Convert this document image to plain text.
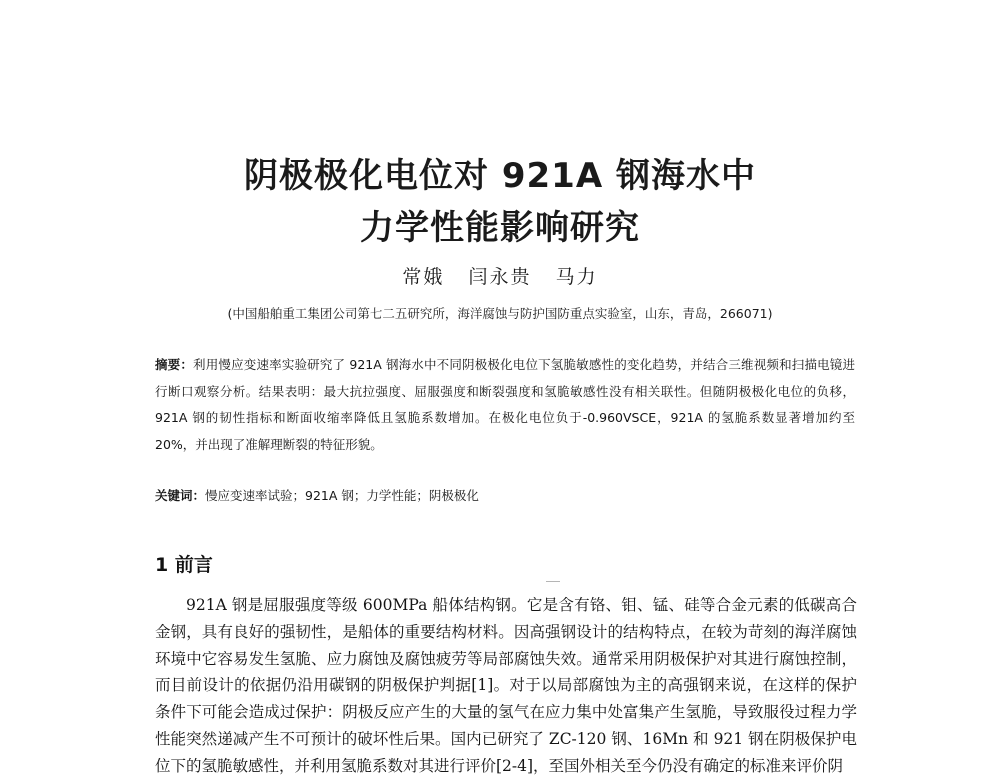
阴极极化电位对 921A 钢海水中
力学性能影响研究
常娥   闫永贵   马力
(中国船舶重工集团公司第七二五研究所，海洋腐蚀与防护国防重点实验室，山东，青岛，266071)
摘要：利用慢应变速率实验研究了 921A 钢海水中不同阴极极化电位下氢脆敏感性的变化趋势，并结合三维视频和扫描电镜进行断口观察分析。结果表明：最大抗拉强度、屈服强度和断裂强度和氢脆敏感性没有相关联性。但随阴极极化电位的负移，921A 钢的韧性指标和断面收缩率降低且氢脆系数增加。在极化电位负于-0.960VSCE，921A 的氢脆系数显著增加约至 20%，并出现了准解理断裂的特征形貌。
关键词：慢应变速率试验；921A 钢；力学性能；阴极极化
1 前言
921A 钢是屈服强度等级 600MPa 船体结构钢。它是含有铬、钼、锰、硅等合金元素的低碳高合金钢，具有良好的强韧性，是船体的重要结构材料。因高强钢设计的结构特点，在较为苛刻的海洋腐蚀环境中它容易发生氢脆、应力腐蚀及腐蚀疲劳等局部腐蚀失效。通常采用阴极保护对其进行腐蚀控制，而目前设计的依据仍沿用碳钢的阴极保护判据[1]。对于以局部腐蚀为主的高强钢来说，在这样的保护条件下可能会造成过保护：阴极反应产生的大量的氢气在应力集中处富集产生氢脆，导致服役过程力学性能突然递减产生不可预计的破坏性后果。国内已研究了 ZC-120 钢、16Mn 和 921 钢在阴极保护电位下的氢脆敏感性，并利用氢脆系数对其进行评价[2-4]，至国外相关至今仍没有确定的标准来评价阴
